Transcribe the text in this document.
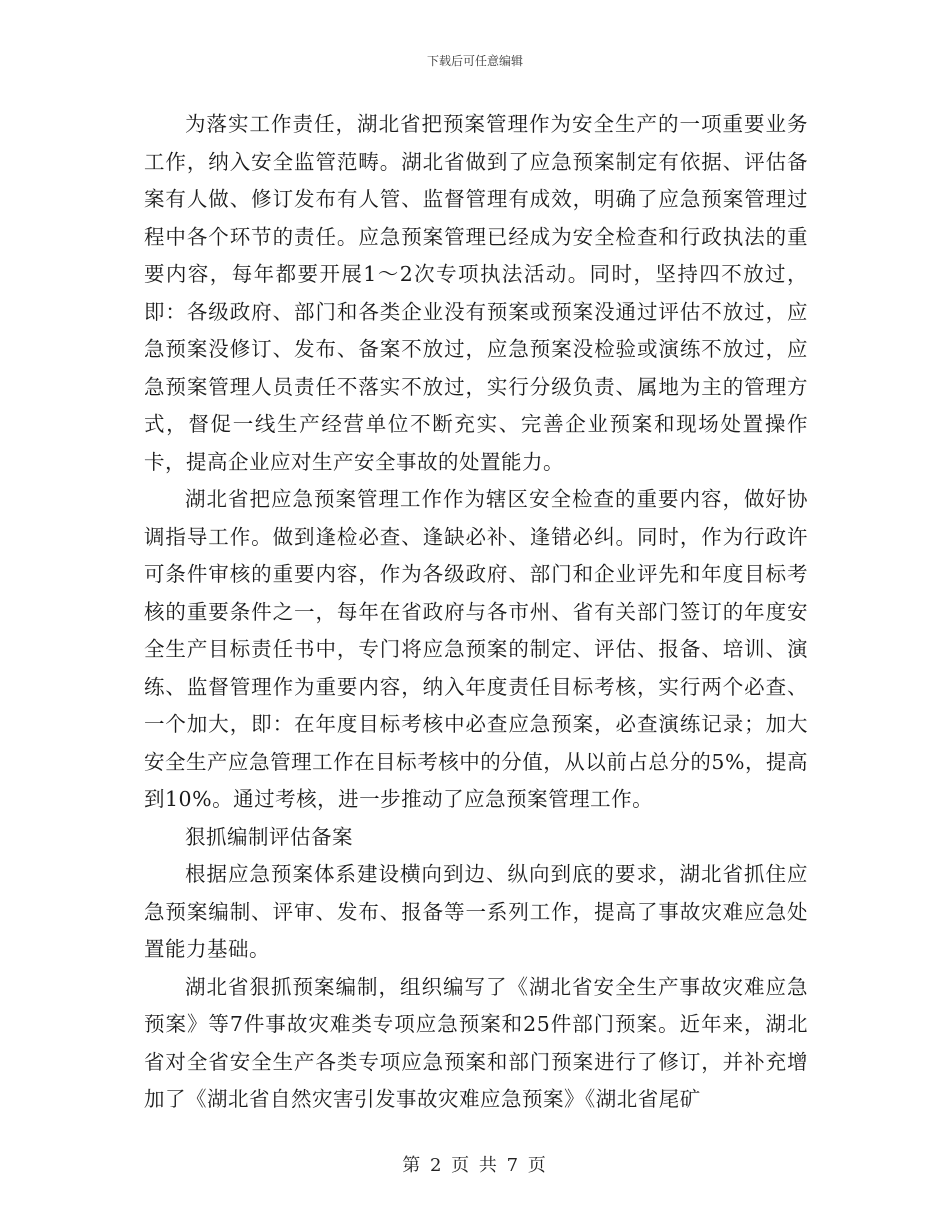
下载后可任意编辑

为落实工作责任，湖北省把预案管理作为安全生产的一项重要业务工作，纳入安全监管范畴。湖北省做到了应急预案制定有依据、评估备案有人做、修订发布有人管、监督管理有成效，明确了应急预案管理过程中各个环节的责任。应急预案管理已经成为安全检查和行政执法的重要内容，每年都要开展1～2次专项执法活动。同时，坚持四不放过，即：各级政府、部门和各类企业没有预案或预案没通过评估不放过，应急预案没修订、发布、备案不放过，应急预案没检验或演练不放过，应急预案管理人员责任不落实不放过，实行分级负责、属地为主的管理方式，督促一线生产经营单位不断充实、完善企业预案和现场处置操作卡，提高企业应对生产安全事故的处置能力。

湖北省把应急预案管理工作作为辖区安全检查的重要内容，做好协调指导工作。做到逢检必查、逢缺必补、逢错必纠。同时，作为行政许可条件审核的重要内容，作为各级政府、部门和企业评先和年度目标考核的重要条件之一，每年在省政府与各市州、省有关部门签订的年度安全生产目标责任书中，专门将应急预案的制定、评估、报备、培训、演练、监督管理作为重要内容，纳入年度责任目标考核，实行两个必查、一个加大，即：在年度目标考核中必查应急预案，必查演练记录；加大安全生产应急管理工作在目标考核中的分值，从以前占总分的5%，提高到10%。通过考核，进一步推动了应急预案管理工作。

狠抓编制评估备案

根据应急预案体系建设横向到边、纵向到底的要求，湖北省抓住应急预案编制、评审、发布、报备等一系列工作，提高了事故灾难应急处置能力基础。

湖北省狠抓预案编制，组织编写了《湖北省安全生产事故灾难应急预案》等7件事故灾难类专项应急预案和25件部门预案。近年来，湖北省对全省安全生产各类专项应急预案和部门预案进行了修订，并补充增加了《湖北省自然灾害引发事故灾难应急预案》《湖北省尾矿

第 2 页 共 7 页
